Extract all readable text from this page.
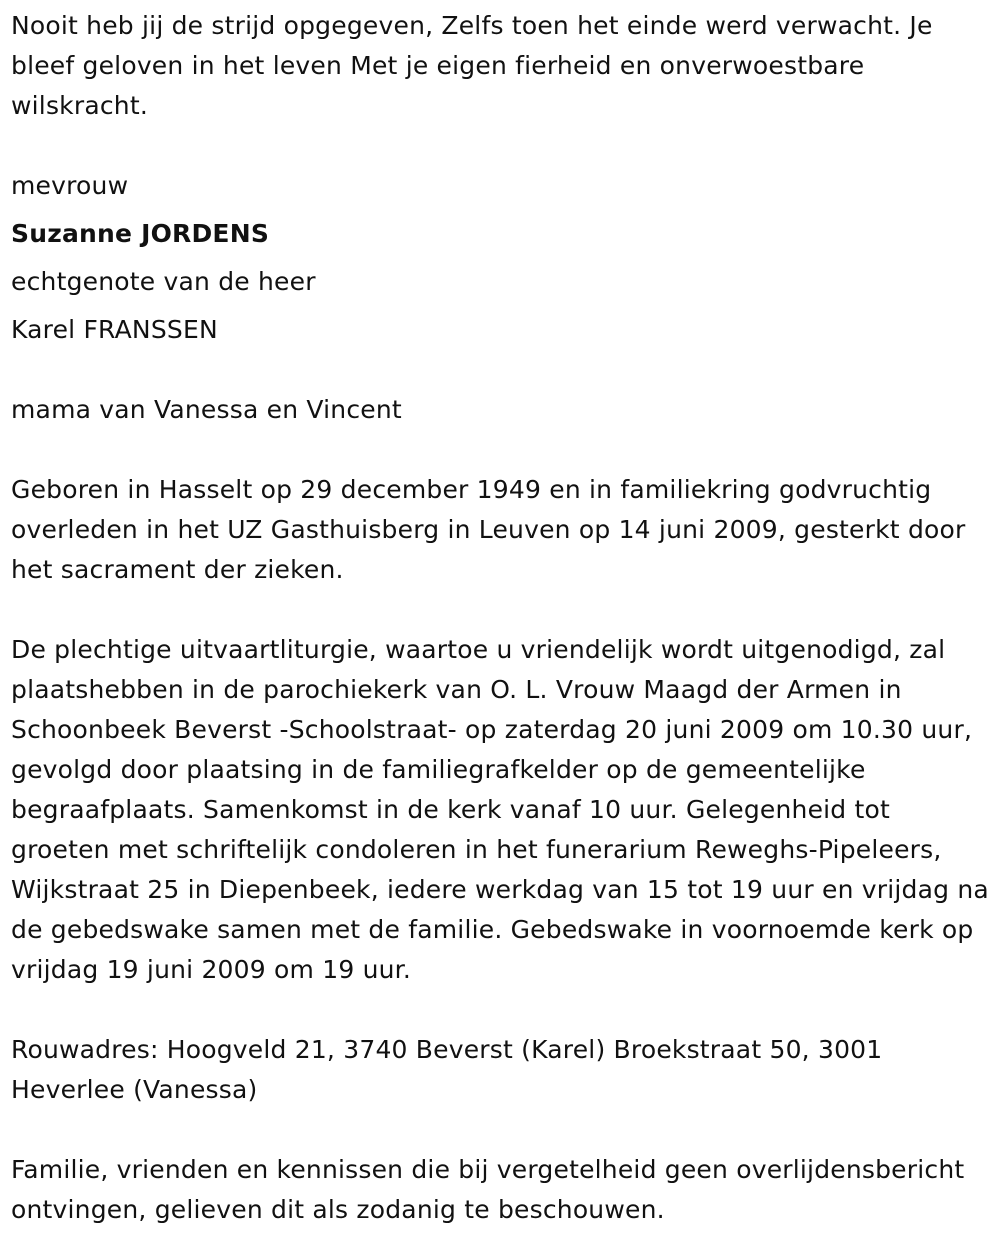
Nooit heb jij de strijd opgegeven, Zelfs toen het einde werd verwacht. Je bleef geloven in het leven Met je eigen fierheid en onverwoestbare wilskracht.

mevrouw

Suzanne JORDENS

echtgenote van de heer

Karel FRANSSEN

mama van Vanessa en Vincent

Geboren in Hasselt op 29 december 1949 en in familiekring godvruchtig overleden in het UZ Gasthuisberg in Leuven op 14 juni 2009, gesterkt door het sacrament der zieken.

De plechtige uitvaartliturgie, waartoe u vriendelijk wordt uitgenodigd, zal plaatshebben in de parochiekerk van O. L. Vrouw Maagd der Armen in Schoonbeek Beverst -Schoolstraat- op zaterdag 20 juni 2009 om 10.30 uur, gevolgd door plaatsing in de familiegrafkelder op de gemeentelijke begraafplaats. Samenkomst in de kerk vanaf 10 uur. Gelegenheid tot groeten met schriftelijk condoleren in het funerarium Reweghs-Pipeleers, Wijkstraat 25 in Diepenbeek, iedere werkdag van 15 tot 19 uur en vrijdag na de gebedswake samen met de familie. Gebedswake in voornoemde kerk op vrijdag 19 juni 2009 om 19 uur.

Rouwadres: Hoogveld 21, 3740 Beverst (Karel) Broekstraat 50, 3001 Heverlee (Vanessa)

Familie, vrienden en kennissen die bij vergetelheid geen overlijdensbericht ontvingen, gelieven dit als zodanig te beschouwen.
